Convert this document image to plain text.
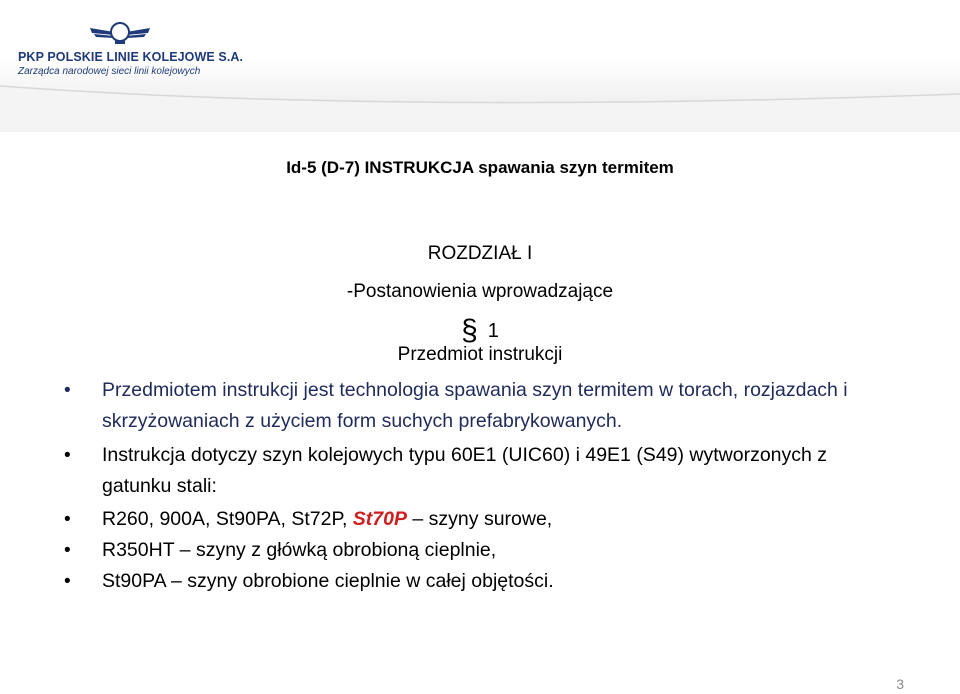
PKP POLSKIE LINIE KOLEJOWE S.A.
Zarządca narodowej sieci linii kolejowych
Id-5 (D-7) INSTRUKCJA spawania szyn termitem
ROZDZIAŁ I
-Postanowienia wprowadzające
§ 1
Przedmiot instrukcji
• Przedmiotem instrukcji jest technologia spawania szyn termitem w torach, rozjazdach i skrzyżowaniach z użyciem form suchych prefabrykowanych.
• Instrukcja dotyczy szyn kolejowych typu 60E1 (UIC60) i 49E1 (S49) wytworzonych z gatunku stali:
• R260, 900A, St90PA, St72P, St70P – szyny surowe,
• R350HT – szyny z główką obrobioną cieplnie,
• St90PA – szyny obrobione cieplnie w całej objętości.
3
